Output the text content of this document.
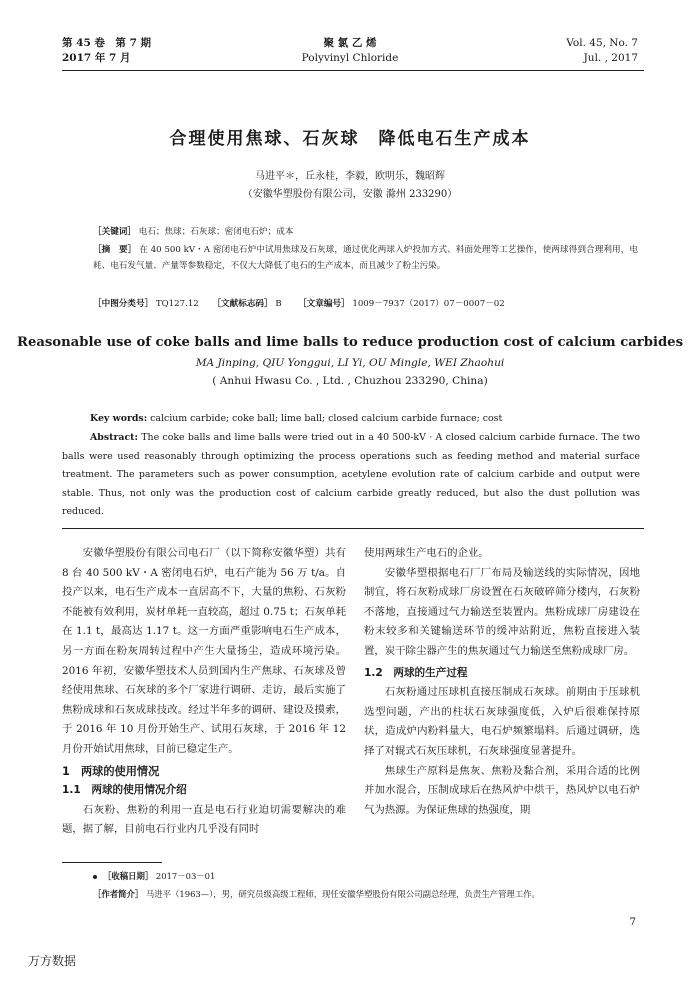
第 45 卷　第 7 期
2017 年 7 月
聚 氯 乙 烯
Polyvinyl Chloride
Vol. 45, No. 7
Jul. , 2017
合理使用焦球、石灰球　降低电石生产成本
马进平＊，丘永桂，李毅，欧明乐，魏昭辉
（安徽华塑股份有限公司，安徽 滁州 233290）
［关键词］ 电石；焦球；石灰球；密闭电石炉；成本
［摘　要］ 在 40 500 kV・A 密闭电石炉中试用焦球及石灰球，通过优化两球入炉投加方式、料面处理等工艺操作，使两球得到合理利用，电耗、电石发气量、产量等参数稳定，不仅大大降低了电石的生产成本，而且减少了粉尘污染。
［中图分类号］ TQ127.12 ［文献标志码］ B ［文章编号］ 1009－7937（2017）07－0007－02
Reasonable use of coke balls and lime balls to reduce production cost of calcium carbides
MA Jinping, QIU Yonggui, LI Yi, OU Mingle, WEI Zhaohui
( Anhui Hwasu Co. , Ltd. , Chuzhou 233290, China)
Key words: calcium carbide; coke ball; lime ball; closed calcium carbide furnace; cost
Abstract: The coke balls and lime balls were tried out in a 40 500-kV · A closed calcium carbide furnace. The two balls were used reasonably through optimizing the process operations such as feeding method and material surface treatment. The parameters such as power consumption, acetylene evolution rate of calcium carbide and output were stable. Thus, not only was the production cost of calcium carbide greatly reduced, but also the dust pollution was reduced.

安徽华塑股份有限公司电石厂（以下简称安徽华塑）共有 8 台 40 500 kV・A 密闭电石炉，电石产能为 56 万 t/a。自投产以来，电石生产成本一直居高不下，大量的焦粉、石灰粉不能被有效利用，炭材单耗一直较高，超过 0.75 t；石灰单耗在 1.1 t，最高达 1.17 t。这一方面严重影响电石生产成本，另一方面在粉灰周转过程中产生大量扬尘，造成环境污染。2016 年初，安徽华塑技术人员到国内生产焦球、石灰球及曾经使用焦球、石灰球的多个厂家进行调研、走访，最后实施了焦粉成球和石灰成球技改。经过半年多的调研、建设及摸索，于 2016 年 10 月份开始生产、试用石灰球，于 2016 年 12 月份开始试用焦球，目前已稳定生产。

1　两球的使用情况

1.1　两球的使用情况介绍

石灰粉、焦粉的利用一直是电石行业迫切需要解决的难题，据了解，目前电石行业内几乎没有同时

使用两球生产电石的企业。

安徽华塑根据电石厂厂布局及输送线的实际情况，因地制宜，将石灰粉成球厂房设置在石灰破碎筛分楼内，石灰粉不落地，直接通过气力输送至装置内。焦粉成球厂房建设在粉末较多和关键输送环节的缓冲站附近，焦粉直接进入装置，炭干除尘器产生的焦灰通过气力输送至焦粉成球厂房。

1.2　两球的生产过程

石灰粉通过压球机直接压制成石灰球。前期由于压球机选型问题，产出的柱状石灰球强度低，入炉后很难保持原状，造成炉内粉料量大，电石炉频繁塌料。后通过调研，选择了对辊式石灰压球机，石灰球强度显著提升。

焦球生产原料是焦灰、焦粉及黏合剂，采用合适的比例并加水混合，压制成球后在热风炉中烘干，热风炉以电石炉气为热源。为保证焦球的热强度，期

［收稿日期］ 2017－03－01
［作者简介］ 马进平（1963—），男，研究员级高级工程师，现任安徽华塑股份有限公司副总经理，负责生产管理工作。
7
万方数据
